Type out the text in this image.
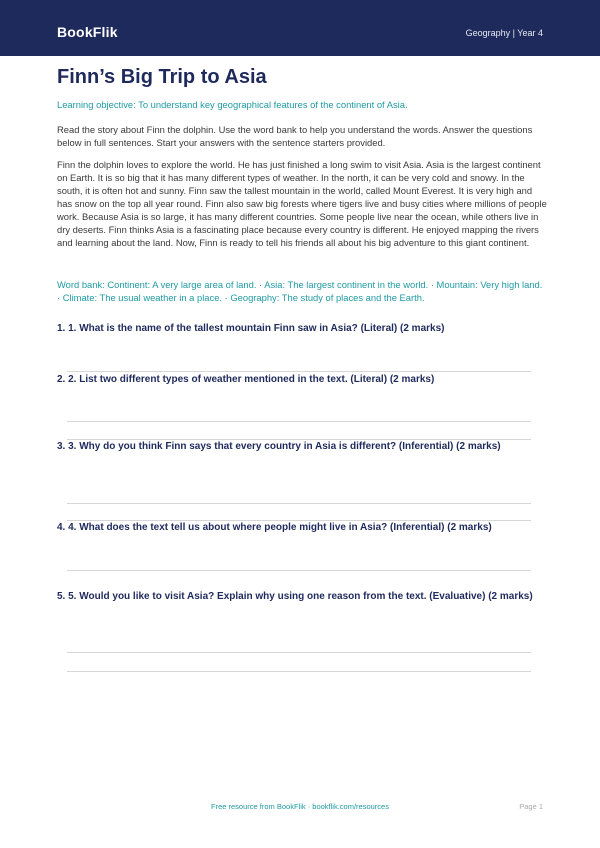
BookFlik	Geography | Year 4
Finn’s Big Trip to Asia

Learning objective: To understand key geographical features of the continent of Asia.

Read the story about Finn the dolphin. Use the word bank to help you understand the words. Answer the questions below in full sentences. Start your answers with the sentence starters provided.

Finn the dolphin loves to explore the world. He has just finished a long swim to visit Asia. Asia is the largest continent on Earth. It is so big that it has many different types of weather. In the north, it can be very cold and snowy. In the south, it is often hot and sunny. Finn saw the tallest mountain in the world, called Mount Everest. It is very high and has snow on the top all year round. Finn also saw big forests where tigers live and busy cities where millions of people work. Because Asia is so large, it has many different countries. Some people live near the ocean, while others live in dry deserts. Finn thinks Asia is a fascinating place because every country is different. He enjoyed mapping the rivers and learning about the land. Now, Finn is ready to tell his friends all about his big adventure to this giant continent.

Word bank: Continent: A very large area of land. · Asia: The largest continent in the world. · Mountain: Very high land. · Climate: The usual weather in a place. · Geography: The study of places and the Earth.

1. 1. What is the name of the tallest mountain Finn saw in Asia? (Literal) (2 marks)
2. 2. List two different types of weather mentioned in the text. (Literal) (2 marks)
3. 3. Why do you think Finn says that every country in Asia is different? (Inferential) (2 marks)
4. 4. What does the text tell us about where people might live in Asia? (Inferential) (2 marks)
5. 5. Would you like to visit Asia? Explain why using one reason from the text. (Evaluative) (2 marks)
Free resource from BookFlik · bookflik.com/resources	Page 1
